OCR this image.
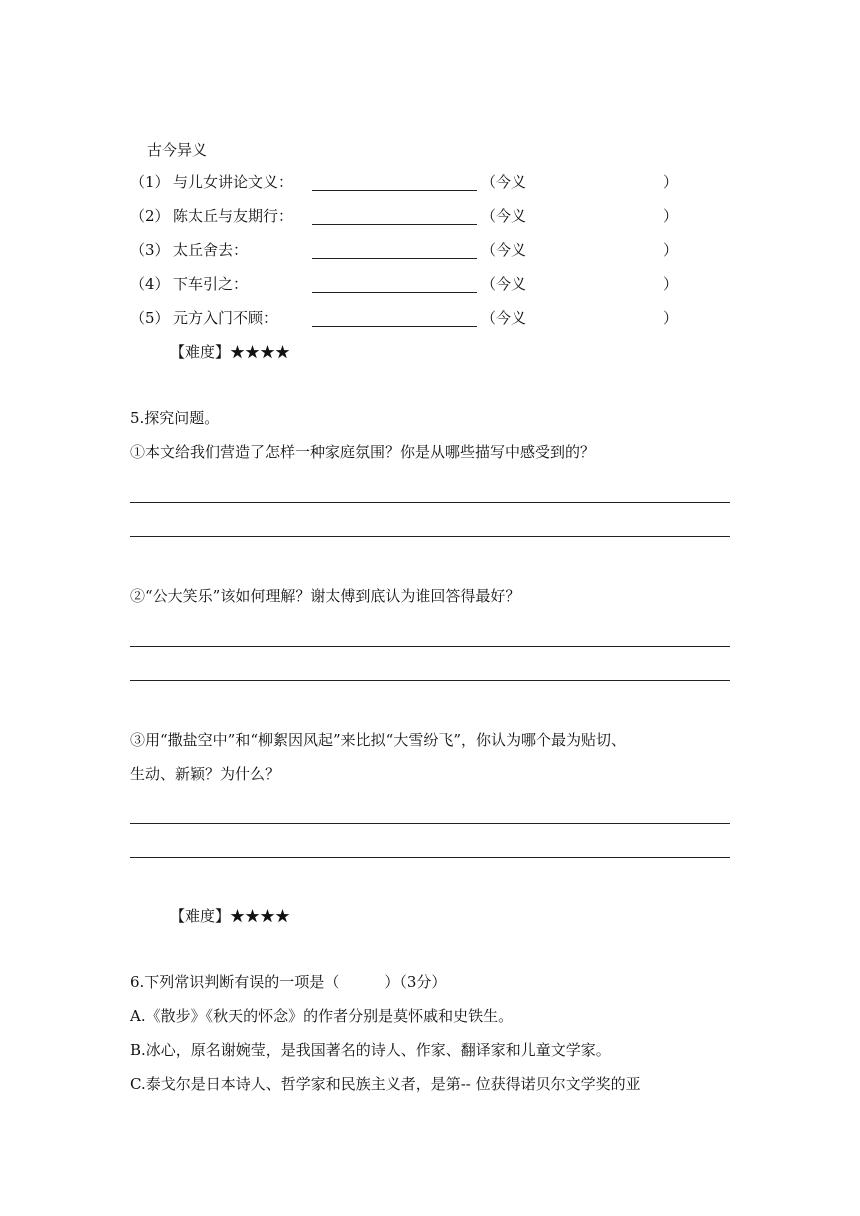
古今异义
（1） 与儿女讲论文义：	（今义	）
（2） 陈太丘与友期行：	（今义	）
（3） 太丘舍去：	（今义	）
（4） 下车引之：	（今义	）
（5） 元方入门不顾：	（今义	）
【难度】★★★★
5.探究问题。
①本文给我们营造了怎样一种家庭氛围？你是从哪些描写中感受到的？
②“公大笑乐”该如何理解？谢太傅到底认为谁回答得最好？
③用“撒盐空中”和“柳絮因风起”来比拟“大雪纷飞”，你认为哪个最为贴切、
生动、新颖？为什么？
【难度】★★★★
6.下列常识判断有误的一项是（　　　）（3分）
A.《散步》《秋天的怀念》的作者分别是莫怀戚和史铁生。
B.冰心，原名谢婉莹，是我国著名的诗人、作家、翻译家和儿童文学家。
C.泰戈尔是日本诗人、哲学家和民族主义者，是第-- 位获得诺贝尔文学奖的亚
